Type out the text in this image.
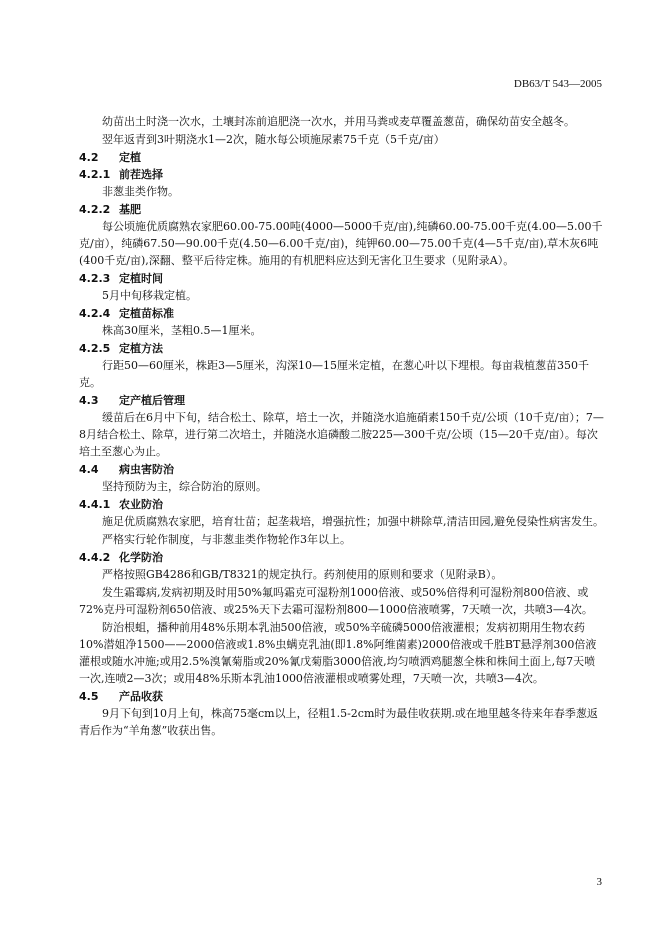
DB63/T 543—2005

幼苗出土时浇一次水，土壤封冻前追肥浇一次水，并用马粪或麦草覆盖葱苗，确保幼苗安全越冬。

翌年返青到3叶期浇水1—2次，随水每公顷施尿素75千克（5千克/亩）

4.2 定植
4.2.1 前茬选择

非葱韭类作物。

4.2.2 基肥

每公顷施优质腐熟农家肥60.00-75.00吨(4000—5000千克/亩),纯磷60.00-75.00千克(4.00—5.00千克/亩），纯磷67.50—90.00千克(4.50—6.00千克/亩)，纯钾60.00—75.00千克(4—5千克/亩),草木灰6吨(400千克/亩),深翻、整平后待定株。施用的有机肥料应达到无害化卫生要求（见附录A）。

4.2.3 定植时间

5月中旬移栽定植。

4.2.4 定植苗标准

株高30厘米，茎粗0.5—1厘米。

4.2.5 定植方法

行距50—60厘米，株距3—5厘米，沟深10—15厘米定植，在葱心叶以下埋根。每亩栽植葱苗350千克。

4.3 定产植后管理

缓苗后在6月中下旬，结合松土、除草，培土一次，并随浇水追施硝素150千克/公顷（10千克/亩）；7—8月结合松土、除草，进行第二次培土，并随浇水追磷酸二胺225—300千克/公顷（15—20千克/亩）。每次培土至葱心为止。

4.4 病虫害防治

坚持预防为主，综合防治的原则。

4.4.1 农业防治

施足优质腐熟农家肥，培育壮苗；起垄栽培，增强抗性；加强中耕除草,清洁田园,避免侵染性病害发生。

严格实行轮作制度，与非葱韭类作物轮作3年以上。

4.4.2 化学防治

严格按照GB4286和GB/T8321的规定执行。药剂使用的原则和要求（见附录B）。

发生霜霉病,发病初期及时用50%氟吗霜克可湿粉剂1000倍液、或50%倍得利可湿粉剂800倍液、或72%克丹可湿粉剂650倍液、或25%天下去霜可湿粉剂800—1000倍液喷雾，7天喷一次，共喷3—4次。

防治根蛆，播种前用48%乐期本乳油500倍液，或50%辛硫磷5000倍液灌根；发病初期用生物农药10%潜姐净1500——2000倍液或1.8%虫螨克乳油(即1.8%阿维菌素)2000倍液或千胜BT悬浮剂300倍液灌根或随水冲施;或用2.5%溴氰菊脂或20%氰戊菊脂3000倍液,均匀喷洒鸡腿葱全株和株间土面上,每7天喷一次,连喷2—3次；或用48%乐斯本乳油1000倍液灌根或喷雾处理，7天喷一次，共喷3—4次。

4.5 产品收获

9月下旬到10月上旬，株高75毫cm以上，径粗1.5-2cm时为最佳收获期.或在地里越冬待来年春季葱返青后作为“羊角葱”收获出售。

3
